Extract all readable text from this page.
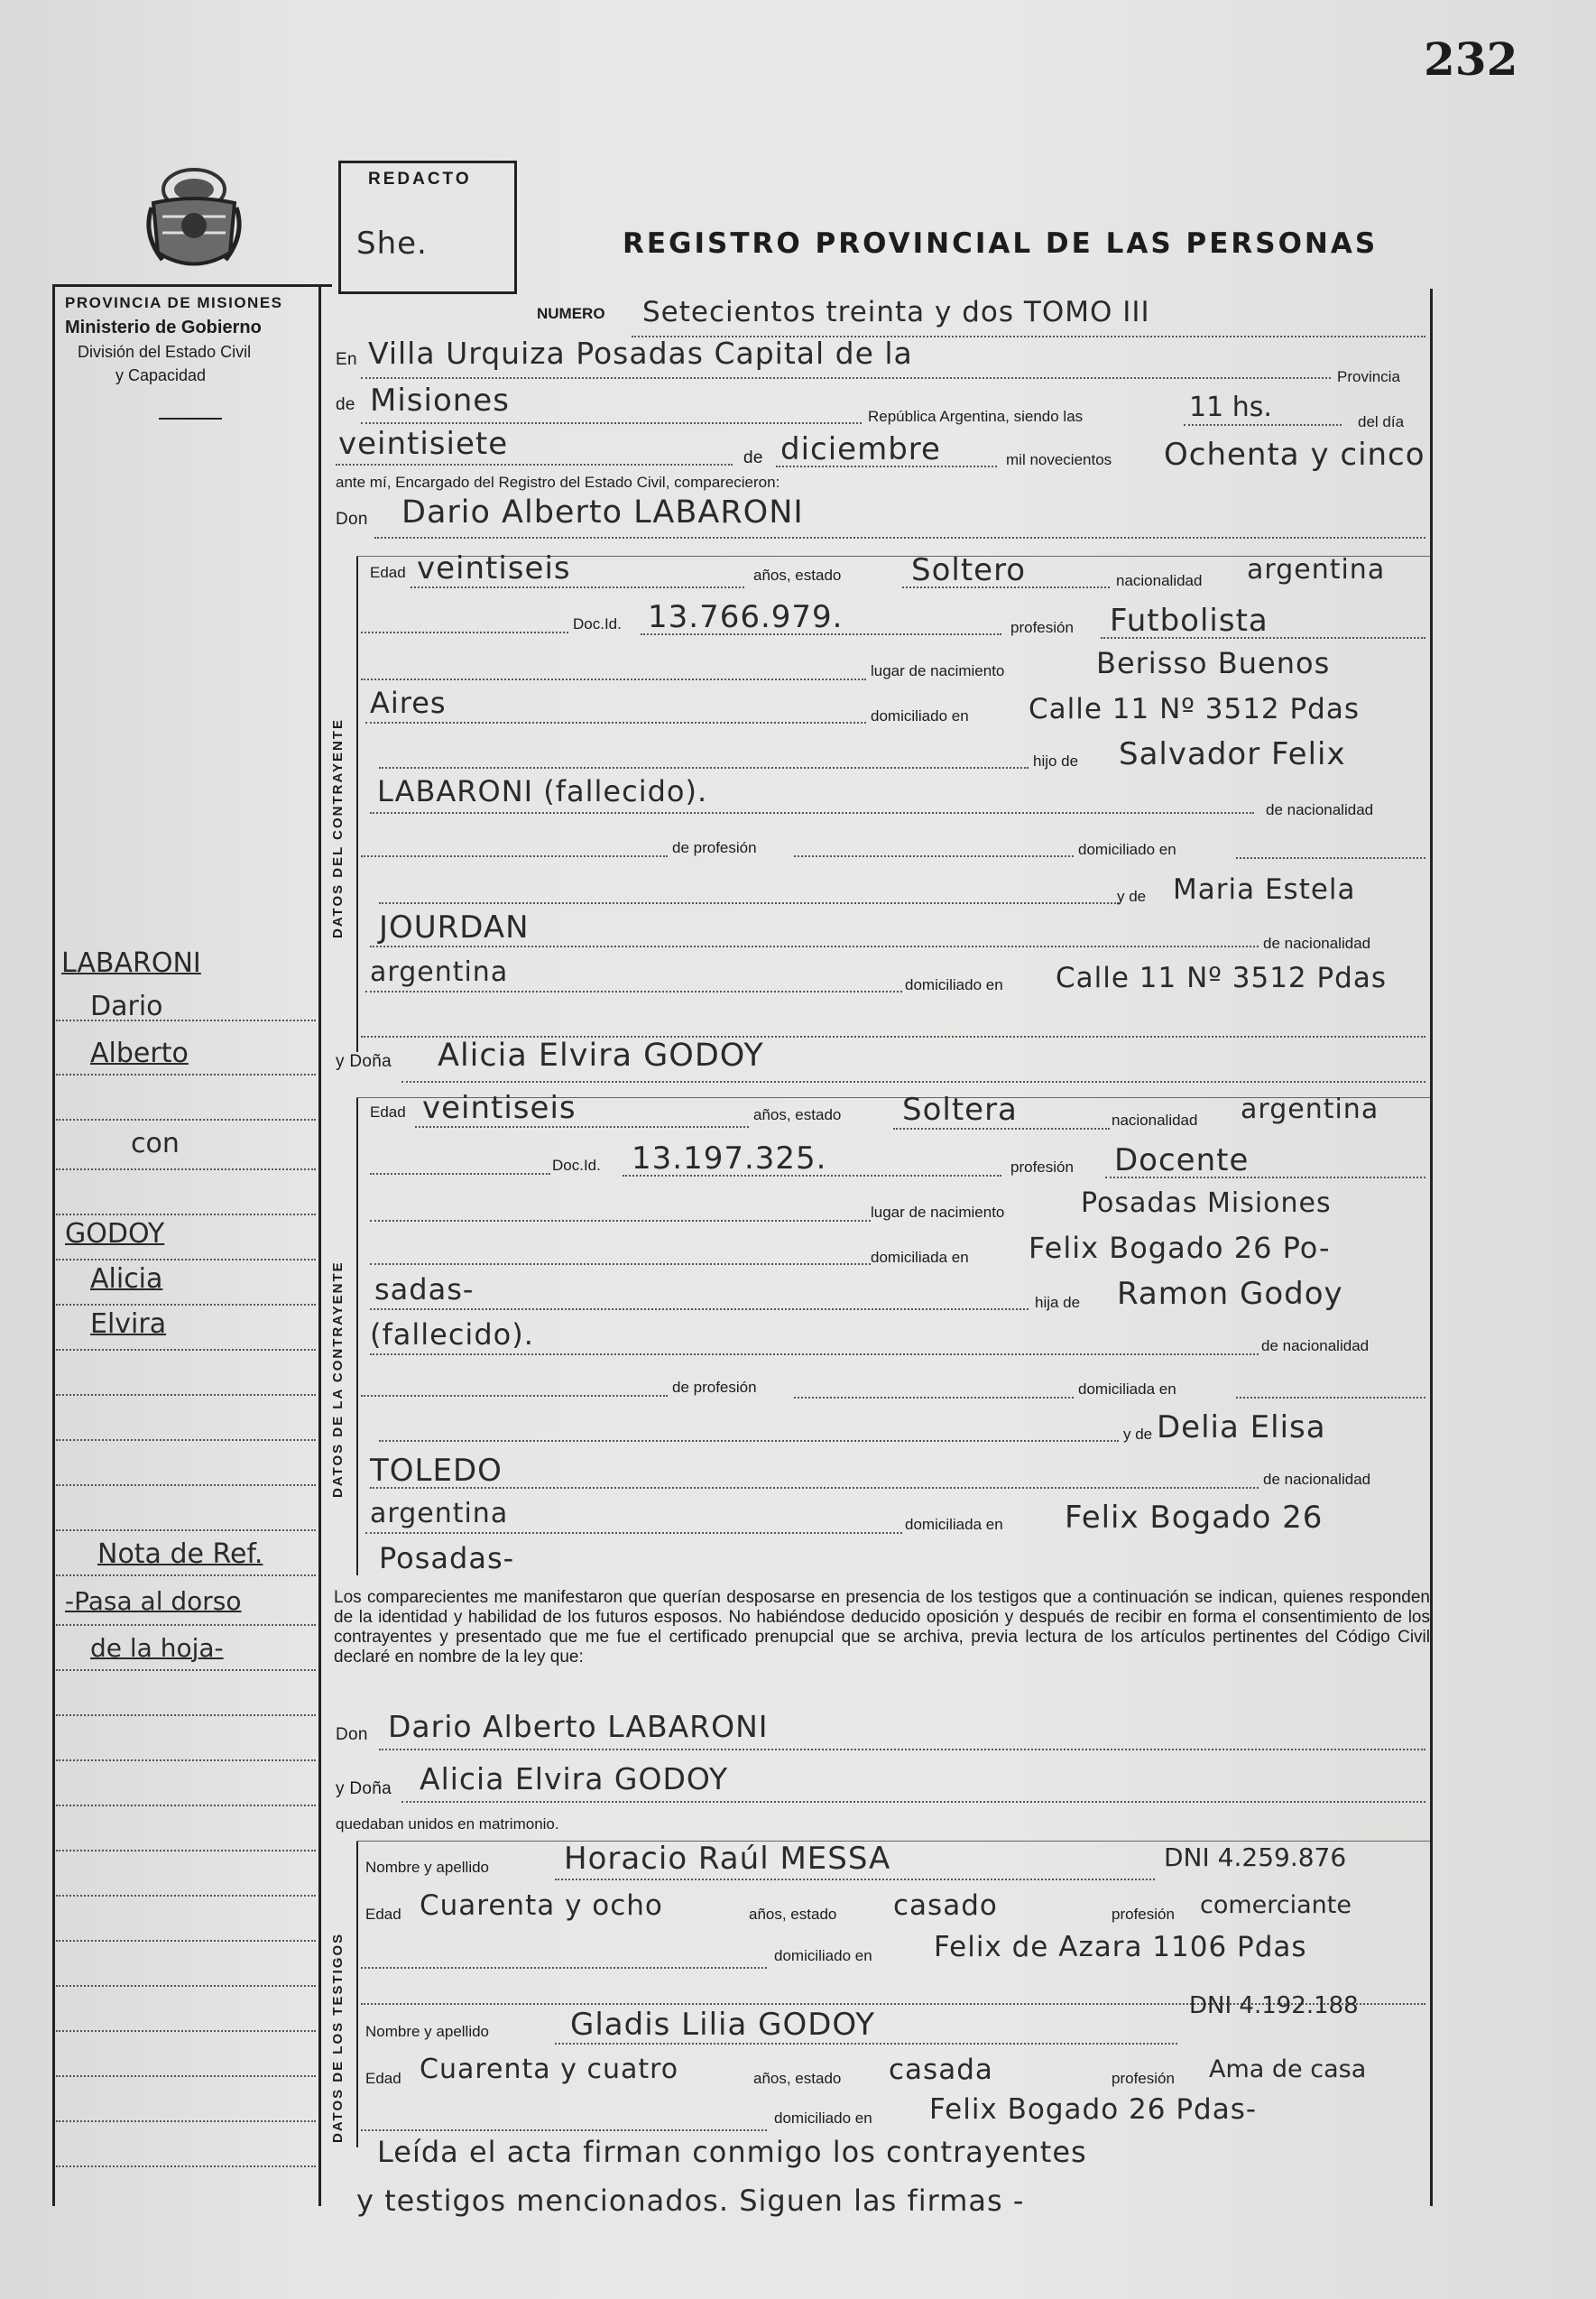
232
PROVINCIA DE MISIONES
Ministerio de Gobierno
División del Estado Civil
y Capacidad
REDACTO
She.	REGISTRO PROVINCIAL DE LAS PERSONAS
LABARONI
Dario
Alberto
con
GODOY
Alicia
Elvira
Nota de Ref.
-Pasa al dorso
de la hoja-
NUMERO Setecientos treinta y dos TOMO III
En Villa Urquiza Posadas Capital de la
Provincia
de Misiones	República Argentina, siendo las	11 hs.	del día
veintisiete	de diciembre	mil novecientos Ochenta y cinco
ante mí, Encargado del Registro del Estado Civil, comparecieron:
Don Dario Alberto LABARONI
DATOS DEL CONTRAYENTE
Edad veintiseis	años, estado Soltero	nacionalidad argentina
Doc.Id. 13.766.979.	profesión Futbolista
lugar de nacimiento	Berisso Buenos
Aires	domiciliado en Calle 11 Nº 3512 Pdas
hijo de Salvador Felix
LABARONI (fallecido).
de nacionalidad
de profesión	domiciliado en
y de Maria Estela
JOURDAN	de nacionalidad
argentina	domiciliado en Calle 11 Nº 3512 Pdas
y Doña Alicia Elvira GODOY
DATOS DE LA CONTRAYENTE
Edad veintiseis	años, estado Soltera	nacionalidad argentina
Doc.Id. 13.197.325.	profesión Docente
lugar de nacimiento	Posadas Misiones
domiciliada en Felix Bogado 26 Po-
sadas-	hija de Ramon Godoy
(fallecido).	de nacionalidad
de profesión	domiciliada en
y de Delia Elisa
TOLEDO	de nacionalidad
argentina	domiciliada en Felix Bogado 26
Posadas-
Los comparecientes me manifestaron que querían desposarse en presencia de los testigos que a continuación se indican, quienes responden de la identidad y habilidad de los futuros esposos. No habiéndose deducido oposición y después de recibir en forma el consentimiento de los contrayentes y presentado que me fue el certificado prenupcial que se archiva, previa lectura de los artículos pertinentes del Código Civil declaré en nombre de la ley que:
Don Dario Alberto LABARONI
y Doña Alicia Elvira GODOY
quedaban unidos en matrimonio.
DATOS DE LOS TESTIGOS
Nombre y apellido Horacio Raúl MESSA	DNI 4.259.876
Edad Cuarenta y ocho	años, estado casado	profesión comerciante
domiciliado en Felix de Azara 1106 Pdas
Nombre y apellido	Gladis Lilia GODOY
DNI 4.192.188
Edad Cuarenta y cuatro	años, estado casada	profesión Ama de casa
domiciliado en Felix Bogado 26 Pdas-
Leída el acta firman conmigo los contrayentes
y testigos mencionados. Siguen las firmas -
